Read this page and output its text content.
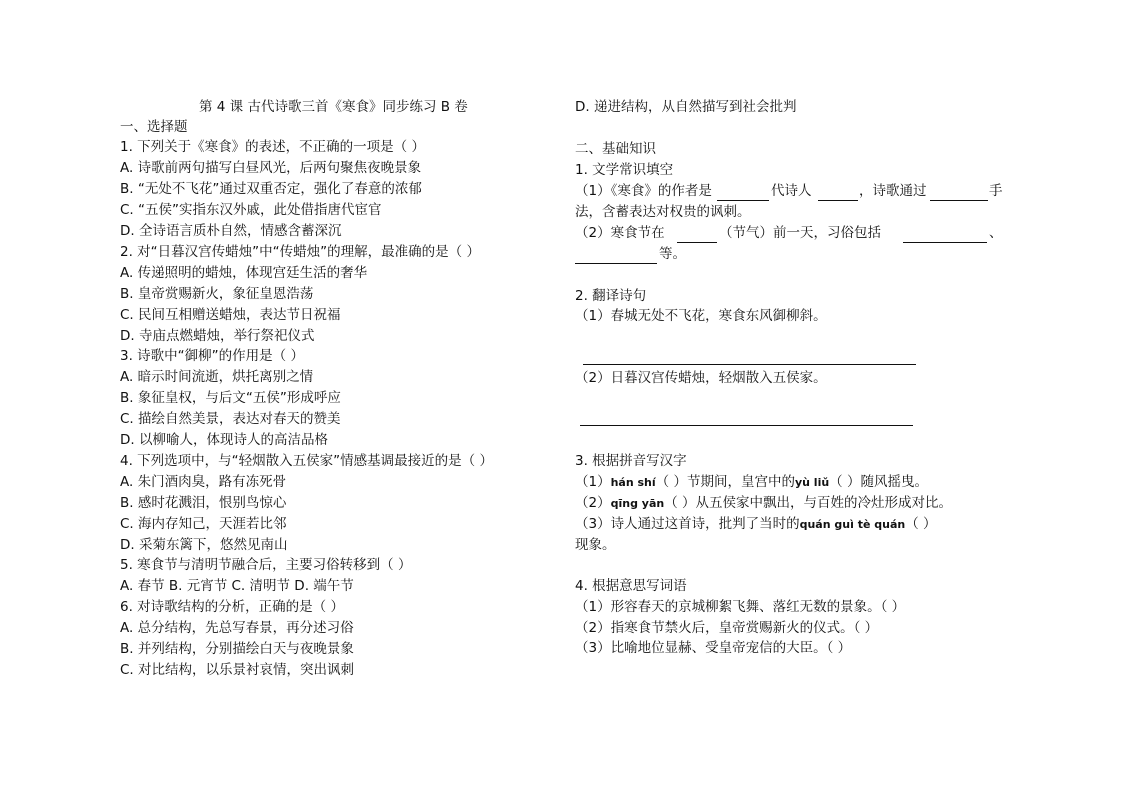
第 4 课 古代诗歌三首《寒食》同步练习 B 卷
一、选择题
1. 下列关于《寒食》的表述，不正确的一项是（ ）
A. 诗歌前两句描写白昼风光，后两句聚焦夜晚景象
B. “无处不飞花”通过双重否定，强化了春意的浓郁
C. “五侯”实指东汉外戚，此处借指唐代宦官
D. 全诗语言质朴自然，情感含蓄深沉
2. 对“日暮汉宫传蜡烛”中“传蜡烛”的理解，最准确的是（ ）
A. 传递照明的蜡烛，体现宫廷生活的奢华
B. 皇帝赏赐新火，象征皇恩浩荡
C. 民间互相赠送蜡烛，表达节日祝福
D. 寺庙点燃蜡烛，举行祭祀仪式
3. 诗歌中“御柳”的作用是（ ）
A. 暗示时间流逝，烘托离别之情
B. 象征皇权，与后文“五侯”形成呼应
C. 描绘自然美景，表达对春天的赞美
D. 以柳喻人，体现诗人的高洁品格
4. 下列选项中，与“轻烟散入五侯家”情感基调最接近的是（ ）
A. 朱门酒肉臭，路有冻死骨
B. 感时花溅泪，恨别鸟惊心
C. 海内存知己，天涯若比邻
D. 采菊东篱下，悠然见南山
5. 寒食节与清明节融合后，主要习俗转移到（ ）
A. 春节 B. 元宵节 C. 清明节 D. 端午节
6. 对诗歌结构的分析，正确的是（ ）
A. 总分结构，先总写春景，再分述习俗
B. 并列结构，分别描绘白天与夜晚景象
C. 对比结构，以乐景衬哀情，突出讽刺
D. 递进结构，从自然描写到社会批判
二、基础知识
1. 文学常识填空
（1）《寒食》的作者是	代诗人	，诗歌通过	手
法，含蓄表达对权贵的讽刺。
（2）寒食节在	（节气）前一天，习俗包括	、
等。
2. 翻译诗句
（1）春城无处不飞花，寒食东风御柳斜。
（2）日暮汉宫传蜡烛，轻烟散入五侯家。
3. 根据拼音写汉字
（1）hán shí（ ）节期间，皇宫中的yù liǔ（ ）随风摇曳。
（2）qīng yān（ ）从五侯家中飘出，与百姓的冷灶形成对比。
（3）诗人通过这首诗，批判了当时的quán guì tè quán（ ）
现象。
4. 根据意思写词语
（1）形容春天的京城柳絮飞舞、落红无数的景象。（ ）
（2）指寒食节禁火后，皇帝赏赐新火的仪式。（ ）
（3）比喻地位显赫、受皇帝宠信的大臣。（ ）
